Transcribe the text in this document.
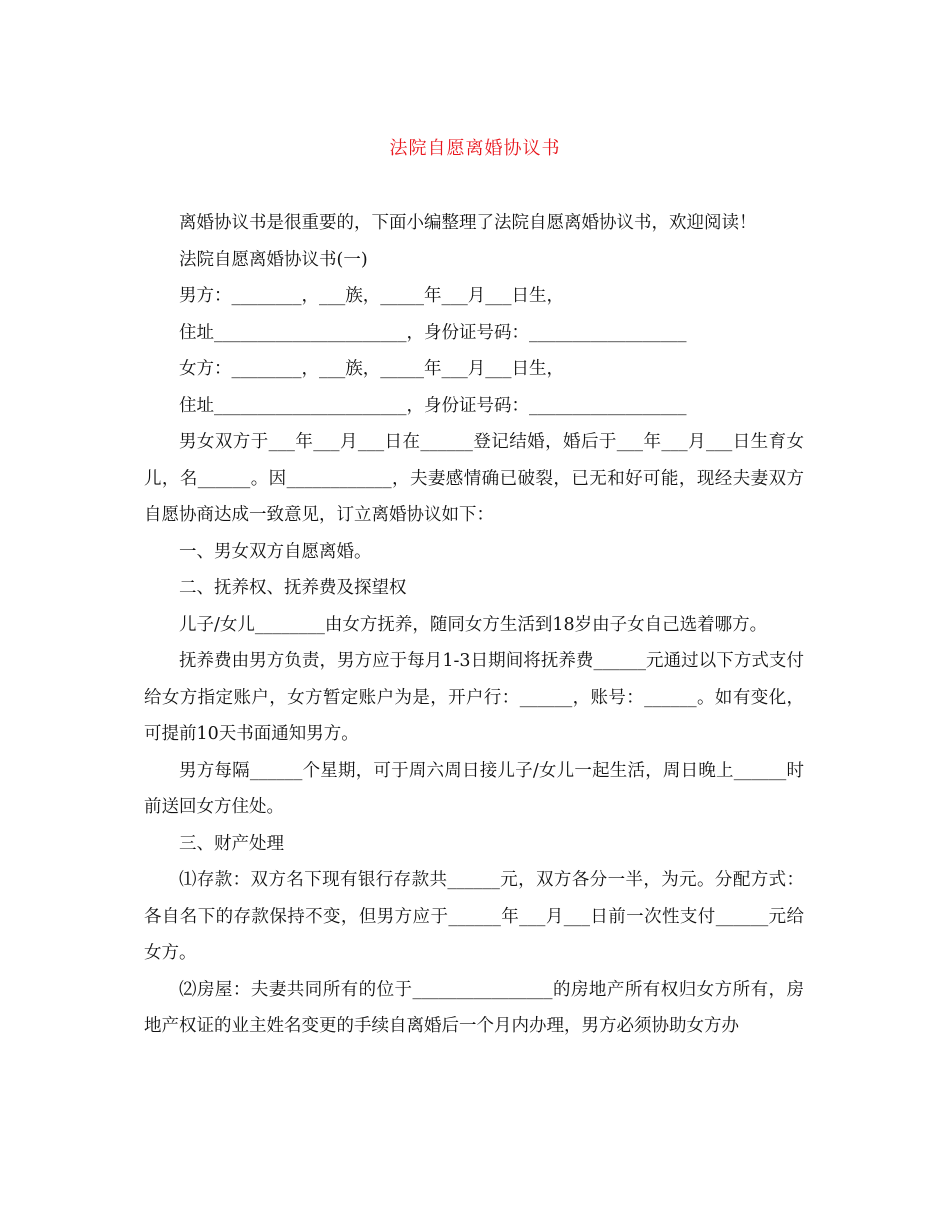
法院自愿离婚协议书

离婚协议书是很重要的，下面小编整理了法院自愿离婚协议书，欢迎阅读！

法院自愿离婚协议书(一)

男方：________，___族，_____年___月___日生，

住址______________________，身份证号码：__________________

女方：________，___族，_____年___月___日生，

住址______________________，身份证号码：__________________

男女双方于___年___月___日在______登记结婚，婚后于___年___月___日生育女儿，名______。因____________，夫妻感情确已破裂，已无和好可能，现经夫妻双方自愿协商达成一致意见，订立离婚协议如下：

一、男女双方自愿离婚。

二、抚养权、抚养费及探望权

儿子/女儿________由女方抚养，随同女方生活到18岁由子女自己选着哪方。

抚养费由男方负责，男方应于每月1-3日期间将抚养费______元通过以下方式支付给女方指定账户，女方暂定账户为是，开户行：______，账号：______。如有变化，可提前10天书面通知男方。

男方每隔______个星期，可于周六周日接儿子/女儿一起生活，周日晚上______时前送回女方住处。

三、财产处理

⑴存款：双方名下现有银行存款共______元，双方各分一半，为元。分配方式：各自名下的存款保持不变，但男方应于______年___月___日前一次性支付______元给女方。

⑵房屋：夫妻共同所有的位于________________的房地产所有权归女方所有，房地产权证的业主姓名变更的手续自离婚后一个月内办理，男方必须协助女方办
